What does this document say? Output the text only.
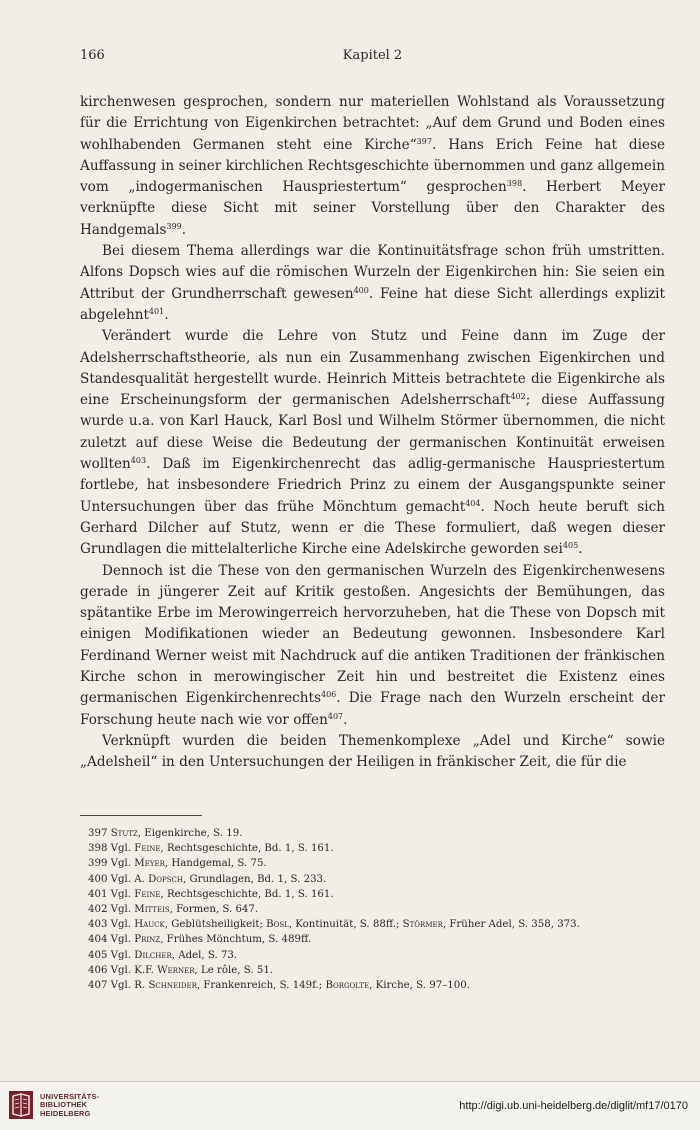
166	Kapitel 2

kirchenwesen gesprochen, sondern nur materiellen Wohlstand als Voraussetzung für die Errichtung von Eigenkirchen betrachtet: „Auf dem Grund und Boden eines wohlhabenden Germanen steht eine Kirche“$^{397}$. Hans Erich Feine hat diese Auffassung in seiner kirchlichen Rechtsgeschichte übernommen und ganz allgemein vom „indogermanischen Hauspriestertum“ gesprochen$^{398}$. Herbert Meyer verknüpfte diese Sicht mit seiner Vorstellung über den Charakter des Handgemals$^{399}$.

Bei diesem Thema allerdings war die Kontinuitätsfrage schon früh umstritten. Alfons Dopsch wies auf die römischen Wurzeln der Eigenkirchen hin: Sie seien ein Attribut der Grundherrschaft gewesen$^{400}$. Feine hat diese Sicht allerdings explizit abgelehnt$^{401}$.

Verändert wurde die Lehre von Stutz und Feine dann im Zuge der Adelsherrschaftstheorie, als nun ein Zusammenhang zwischen Eigenkirchen und Standesqualität hergestellt wurde. Heinrich Mitteis betrachtete die Eigenkirche als eine Erscheinungsform der germanischen Adelsherrschaft$^{402}$; diese Auffassung wurde u.a. von Karl Hauck, Karl Bosl und Wilhelm Störmer übernommen, die nicht zuletzt auf diese Weise die Bedeutung der germanischen Kontinuität erweisen wollten$^{403}$. Daß im Eigenkirchenrecht das adlig-germanische Hauspriestertum fortlebe, hat insbesondere Friedrich Prinz zu einem der Ausgangspunkte seiner Untersuchungen über das frühe Mönchtum gemacht$^{404}$. Noch heute beruft sich Gerhard Dilcher auf Stutz, wenn er die These formuliert, daß wegen dieser Grundlagen die mittelalterliche Kirche eine Adelskirche geworden sei$^{405}$.

Dennoch ist die These von den germanischen Wurzeln des Eigenkirchenwesens gerade in jüngerer Zeit auf Kritik gestoßen. Angesichts der Bemühungen, das spätantike Erbe im Merowingerreich hervorzuheben, hat die These von Dopsch mit einigen Modifikationen wieder an Bedeutung gewonnen. Insbesondere Karl Ferdinand Werner weist mit Nachdruck auf die antiken Traditionen der fränkischen Kirche schon in merowingischer Zeit hin und bestreitet die Existenz eines germanischen Eigenkirchenrechts$^{406}$. Die Frage nach den Wurzeln erscheint der Forschung heute nach wie vor offen$^{407}$.

Verknüpft wurden die beiden Themenkomplexe „Adel und Kirche“ sowie „Adelsheil“ in den Untersuchungen der Heiligen in fränkischer Zeit, die für die

397 Stutz, Eigenkirche, S. 19.
398 Vgl. Feine, Rechtsgeschichte, Bd. 1, S. 161.
399 Vgl. Meyer, Handgemal, S. 75.
400 Vgl. A. Dopsch, Grundlagen, Bd. 1, S. 233.
401 Vgl. Feine, Rechtsgeschichte, Bd. 1, S. 161.
402 Vgl. Mitteis, Formen, S. 647.
403 Vgl. Hauck, Geblütsheiligkeit; Bosl, Kontinuität, S. 88ff.; Störmer, Früher Adel, S. 358, 373.
404 Vgl. Prinz, Frühes Mönchtum, S. 489ff.
405 Vgl. Dilcher, Adel, S. 73.
406 Vgl. K.F. Werner, Le rôle, S. 51.
407 Vgl. R. Schneider, Frankenreich, S. 149f.; Borgolte, Kirche, S. 97–100.
UNIVERSITÄTS-
BIBLIOTHEK
HEIDELBERG
http://digi.ub.uni-heidelberg.de/diglit/mf17/0170
